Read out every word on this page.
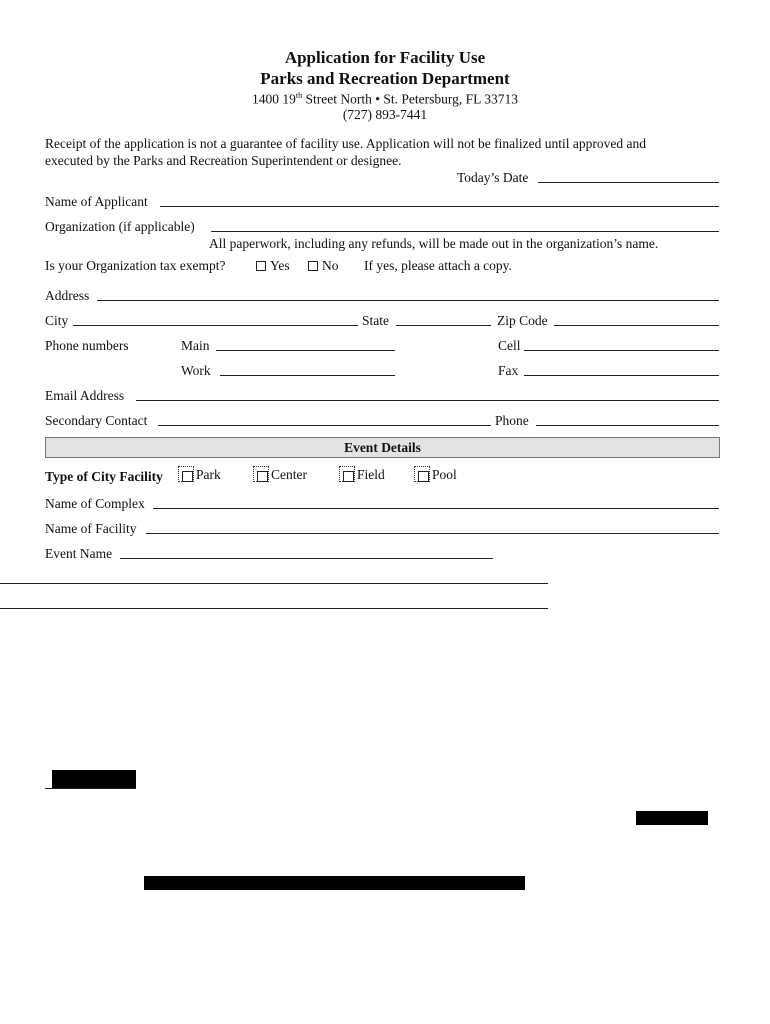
Application for Facility Use
Parks and Recreation Department
1400 19th Street North • St. Petersburg, FL 33713
(727) 893-7441
Receipt of the application is not a guarantee of facility use. Application will not be finalized until approved and
executed by the Parks and Recreation Superintendent or designee.
Today’s Date
Name of Applicant
Organization (if applicable)
All paperwork, including any refunds, will be made out in the organization’s name.
Is your Organization tax exempt?	Yes	No If yes, please attach a copy.
Address
City	State	Zip Code
Phone numbers	Main	Cell
Work	Fax
Email Address
Secondary Contact	Phone
Event Details
Type of City Facility	Park	Center	Field	Pool
Name of Complex
Name of Facility
Event Name
